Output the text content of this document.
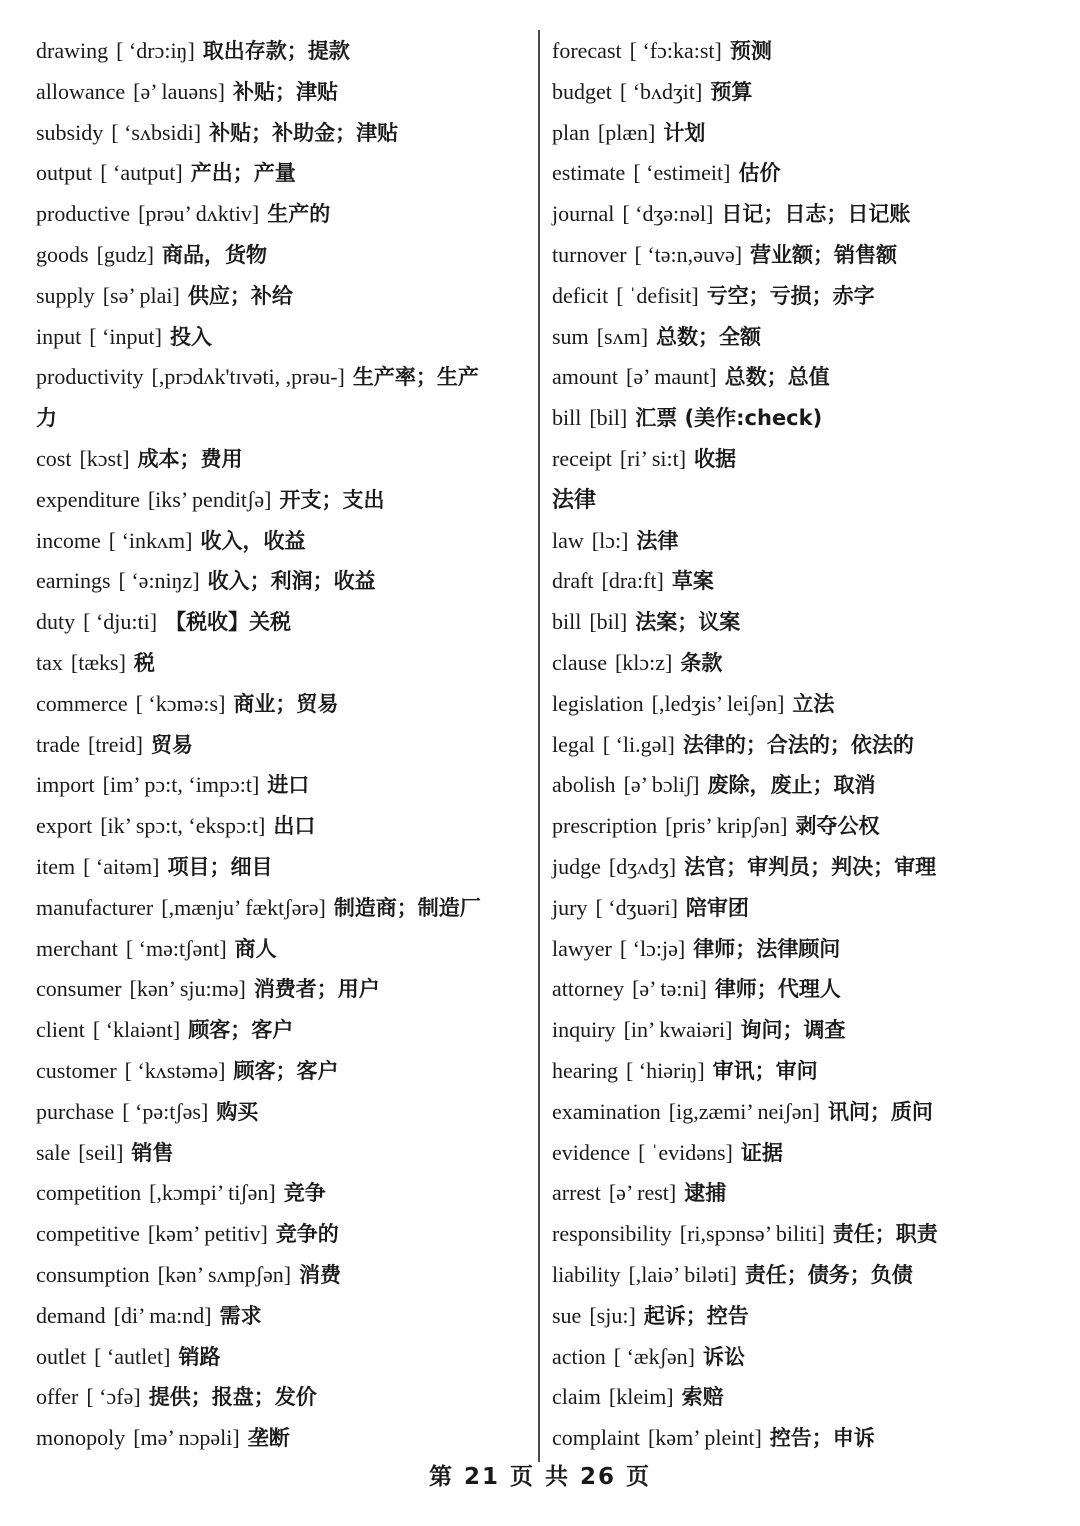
drawing [ ‘drɔ:iŋ] 取出存款；提款
allowance [ə’ lauəns] 补贴；津贴
subsidy [ ‘sʌbsidi] 补贴；补助金；津贴
output [ ‘autput] 产出；产量
productive [prəu’ dʌktiv] 生产的
goods [gudz] 商品，货物
supply [sə’ plai] 供应；补给
input [ ‘input] 投入
productivity [,prɔdʌk'tɪvəti, ,prəu-] 生产率；生产
力
cost [kɔst] 成本；费用
expenditure [iks’ penditʃə] 开支；支出
income [ ‘inkʌm] 收入，收益
earnings [ ‘ə:niŋz] 收入；利润；收益
duty [ ‘dju:ti] 【税收】关税
tax [tæks] 税
commerce [ ‘kɔmə:s] 商业；贸易
trade [treid] 贸易
import [im’ pɔ:t, ‘impɔ:t] 进口
export [ik’ spɔ:t, ‘ekspɔ:t] 出口
item [ ‘aitəm] 项目；细目
manufacturer [,mænju’ fæktʃərə] 制造商；制造厂
merchant [ ‘mə:tʃənt] 商人
consumer [kən’ sju:mə] 消费者；用户
client [ ‘klaiənt] 顾客；客户
customer [ ‘kʌstəmə] 顾客；客户
purchase [ ‘pə:tʃəs] 购买
sale [seil] 销售
competition [,kɔmpi’ tiʃən] 竞争
competitive [kəm’ petitiv] 竞争的
consumption [kən’ sʌmpʃən] 消费
demand [di’ ma:nd] 需求
outlet [ ‘autlet] 销路
offer [ ‘ɔfə] 提供；报盘；发价
monopoly [mə’ nɔpəli] 垄断
forecast [ ‘fɔ:ka:st] 预测
budget [ ‘bʌdʒit] 预算
plan [plæn] 计划
estimate [ ‘estimeit] 估价
journal [ ‘dʒə:nəl] 日记；日志；日记账
turnover [ ‘tə:n,əuvə] 营业额；销售额
deficit [ ˈdefisit] 亏空；亏损；赤字
sum [sʌm] 总数；全额
amount [ə’ maunt] 总数；总值
bill [bil] 汇票 (美作:check)
receipt [ri’ si:t] 收据
法律
law [lɔ:] 法律
draft [dra:ft] 草案
bill [bil] 法案；议案
clause [klɔ:z] 条款
legislation [,ledʒis’ leiʃən] 立法
legal [ ‘li.gəl] 法律的；合法的；依法的
abolish [ə’ bɔliʃ] 废除，废止；取消
prescription [pris’ kripʃən] 剥夺公权
judge [dʒʌdʒ] 法官；审判员；判决；审理
jury [ ‘dʒuəri] 陪审团
lawyer [ ‘lɔ:jə] 律师；法律顾问
attorney [ə’ tə:ni] 律师；代理人
inquiry [in’ kwaiəri] 询问；调查
hearing [ ‘hiəriŋ] 审讯；审问
examination [ig,zæmi’ neiʃən] 讯问；质问
evidence [ ˈevidəns] 证据
arrest [ə’ rest] 逮捕
responsibility [ri,spɔnsə’ biliti] 责任；职责
liability [,laiə’ biləti] 责任；债务；负债
sue [sju:] 起诉；控告
action [ ‘ækʃən] 诉讼
claim [kleim] 索赔
complaint [kəm’ pleint] 控告；申诉
第 21 页 共 26 页
